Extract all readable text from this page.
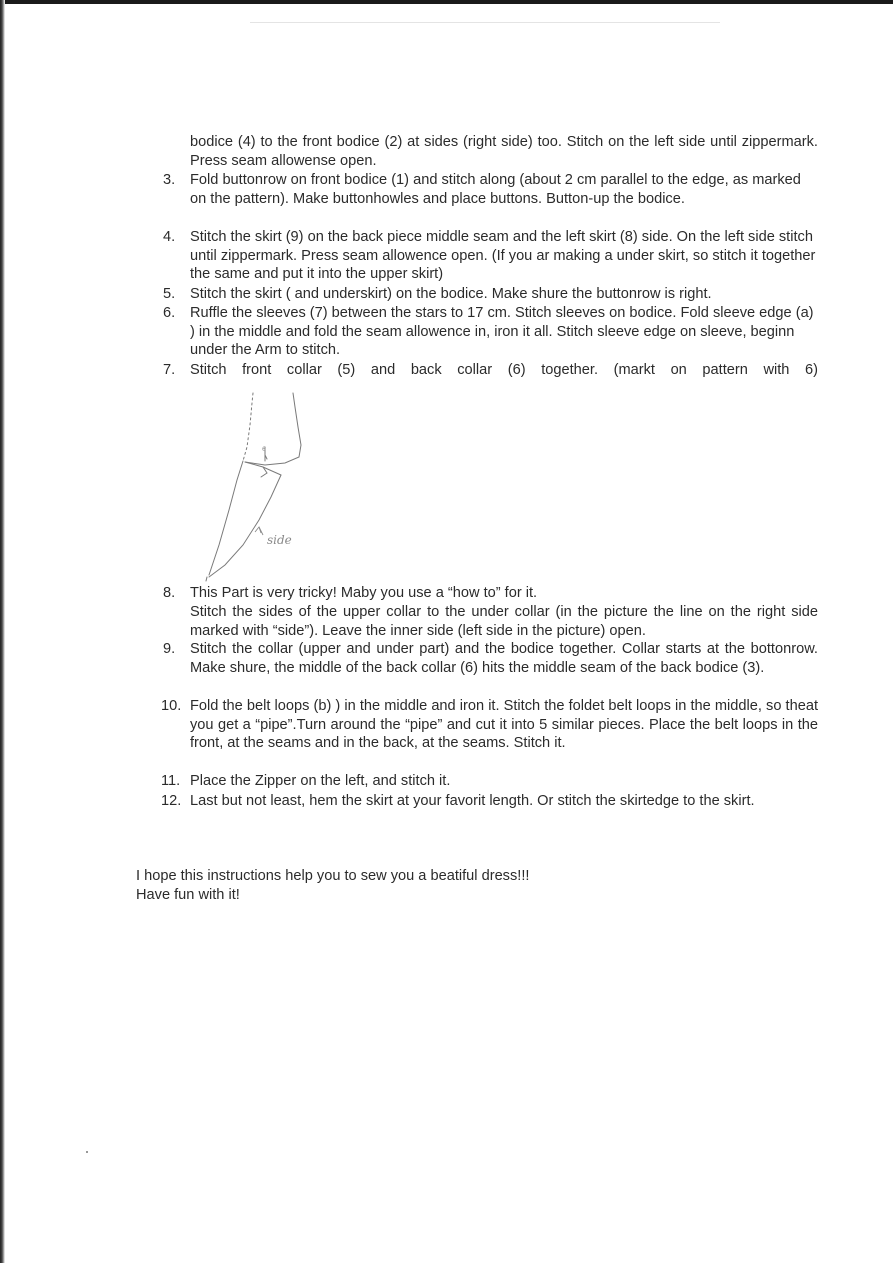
bodice (4) to the front bodice (2) at sides (right side) too. Stitch on the left side until zippermark. Press seam allowense open.

3.	Fold buttonrow on front bodice (1) and stitch along (about 2 cm parallel to the edge, as marked on the pattern). Make buttonhowles and place buttons. Button-up the bodice.
4.	Stitch the skirt (9) on the back piece middle seam and the left skirt (8) side. On the left side stitch until zippermark. Press seam allowence open. (If you ar making a under skirt, so stitch it together the same and put it into the upper skirt)
5.	Stitch the skirt ( and underskirt) on the bodice. Make shure the buttonrow is right.
6.	Ruffle the sleeves (7) between the stars to 17 cm. Stitch sleeves on bodice. Fold sleeve edge (a) ) in the middle and fold the seam allowence in, iron it all. Stitch sleeve edge on sleeve, beginn under the Arm to stitch.
7.	Stitch front collar (5) and back collar (6) together. (markt on pattern with 6)
side
6
8.	This Part is very tricky! Maby you use a “how to” for it.

Stitch the sides of the upper collar to the under collar (in the picture the line on the right side marked with “side”). Leave the inner side (left side in the picture) open.

9.	Stitch the collar (upper and under part) and the bodice together. Collar starts at the bottonrow. Make shure, the middle of the back collar (6) hits the middle seam of the back bodice (3).
10. Fold the belt loops (b) ) in the middle and iron it. Stitch the foldet belt loops in the middle, so theat you get a “pipe”.Turn around the “pipe” and cut it into 5 similar pieces. Place the belt loops in the front, at the seams and in the back, at the seams. Stitch it.
11. Place the Zipper on the left, and stitch it.
12. Last but not least, hem the skirt at your favorit length. Or stitch the skirtedge to the skirt.

I hope this instructions help you to sew you a beatiful dress!!!

Have fun with it!
